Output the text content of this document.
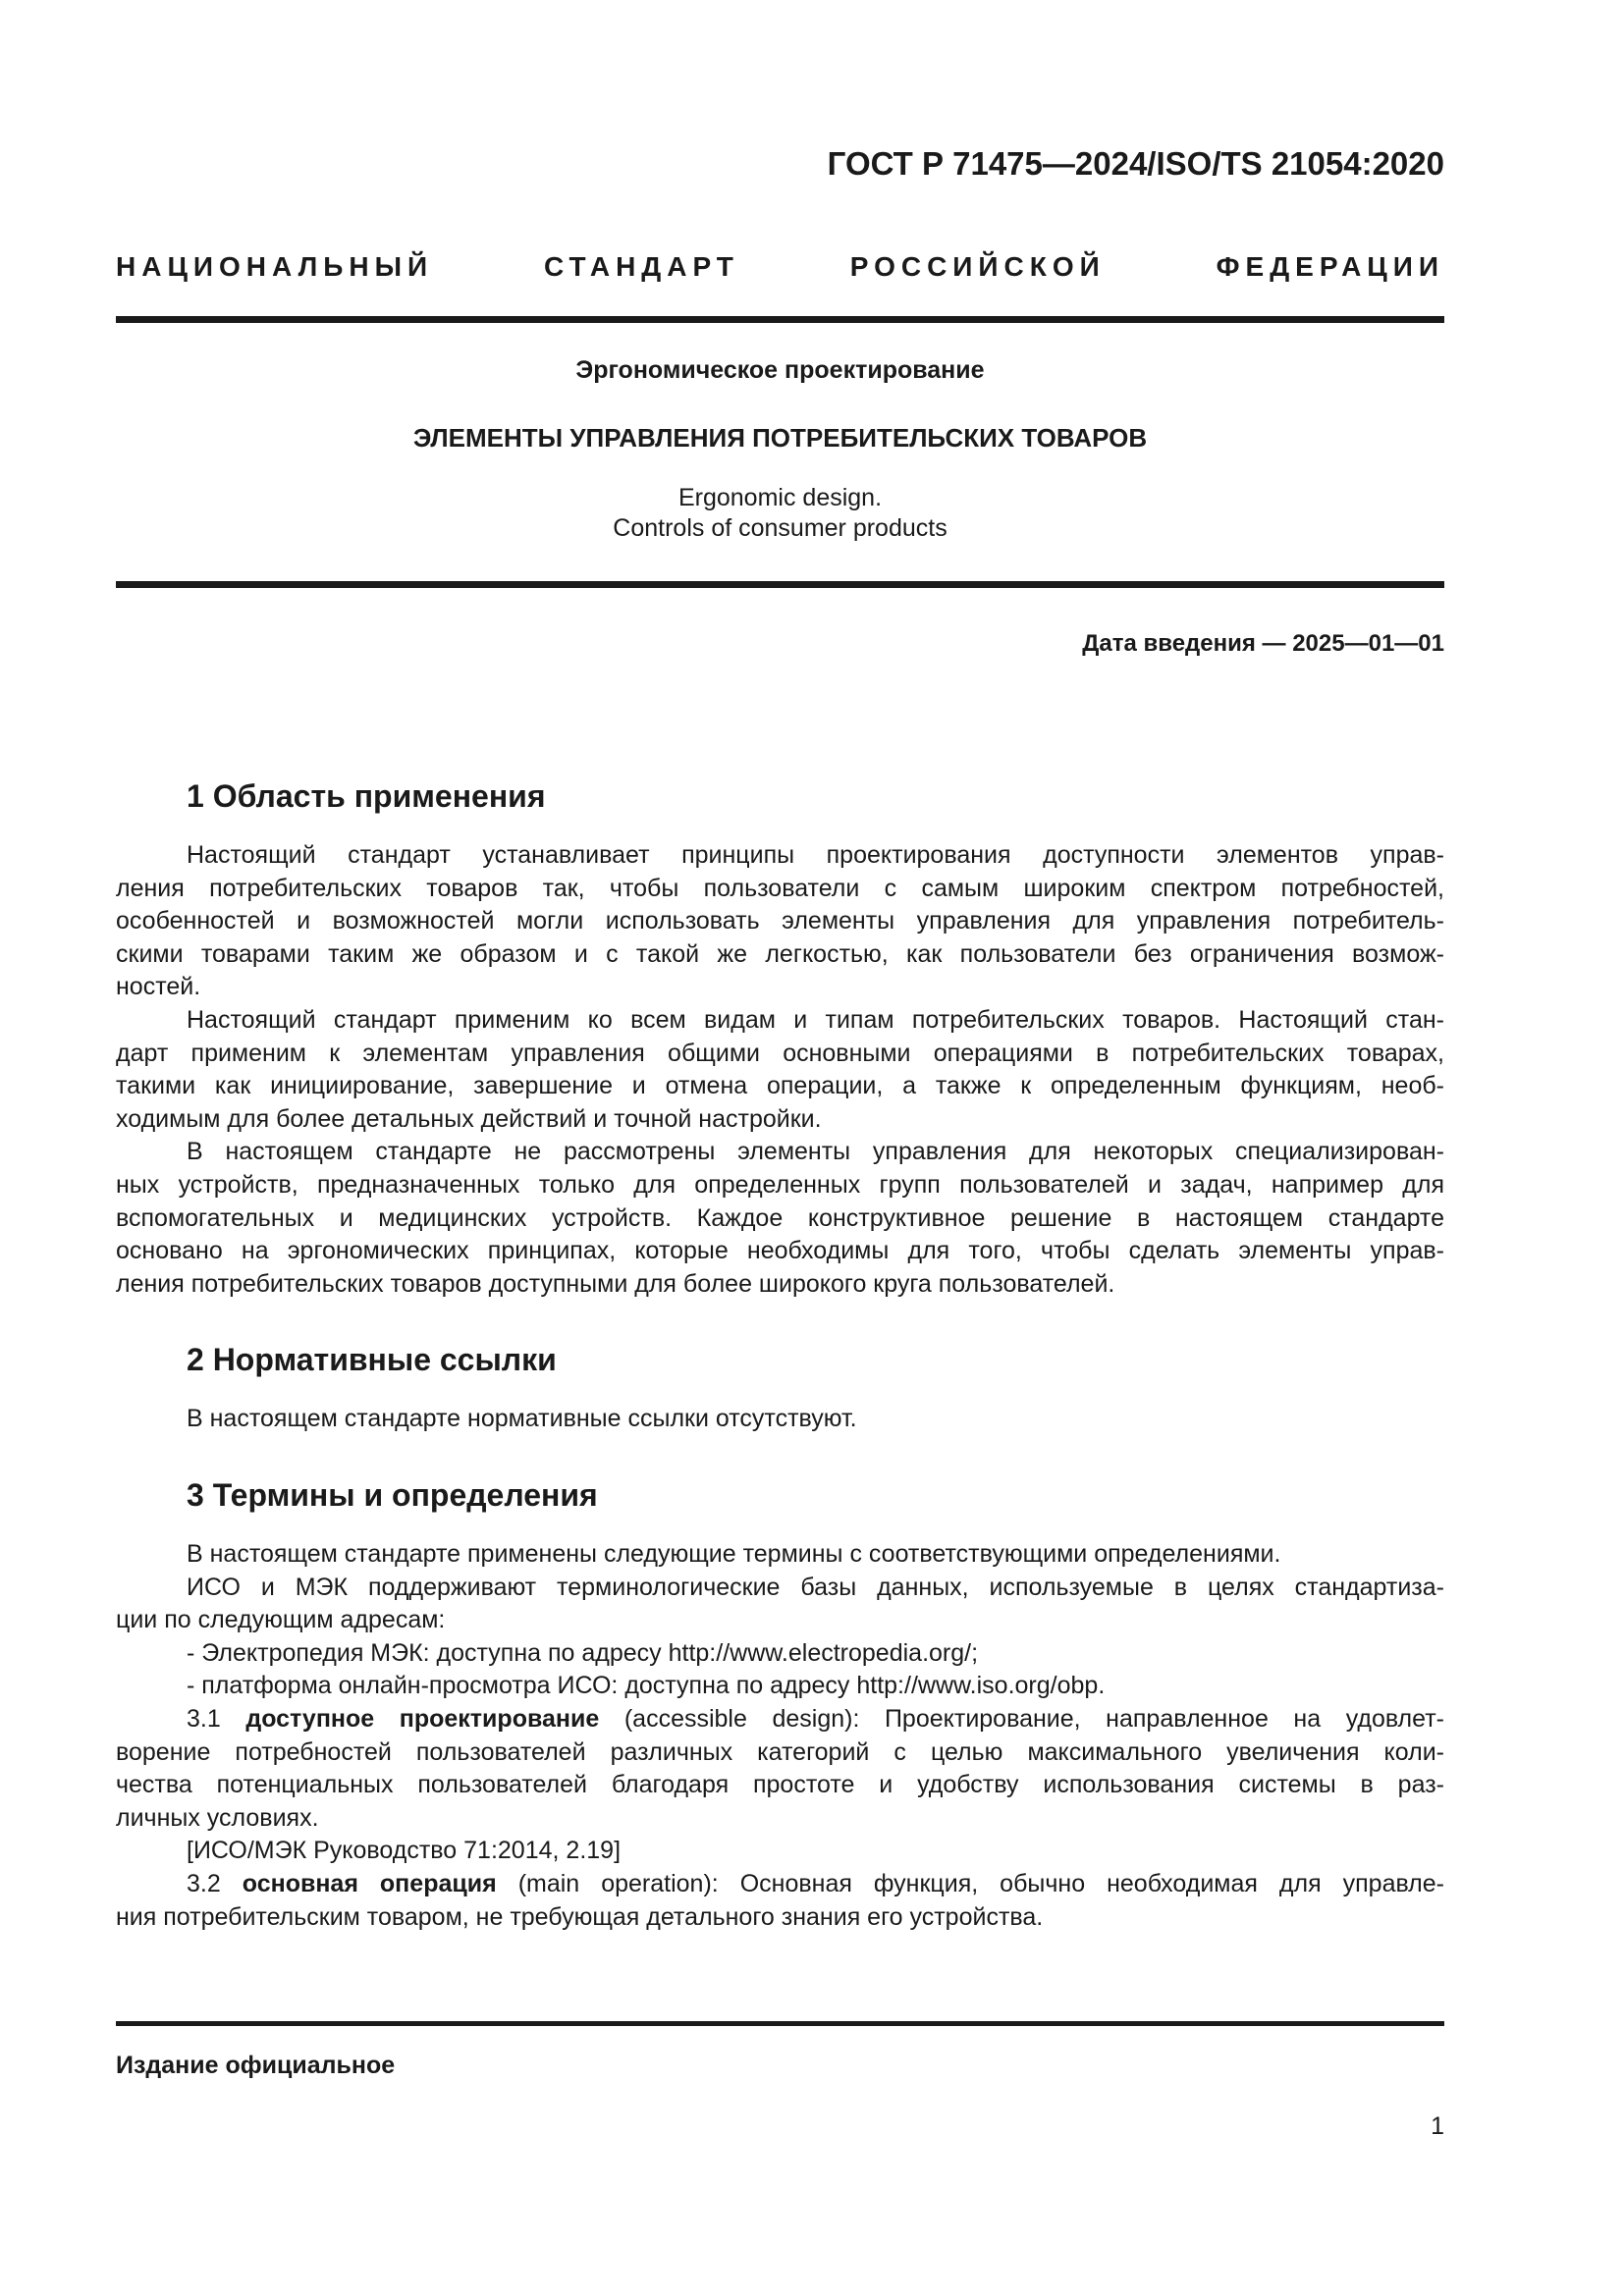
ГОСТ Р 71475—2024/ISO/TS 21054:2020
НАЦИОНАЛЬНЫЙ СТАНДАРТ РОССИЙСКОЙ ФЕДЕРАЦИИ
Эргономическое проектирование
ЭЛЕМЕНТЫ УПРАВЛЕНИЯ ПОТРЕБИТЕЛЬСКИХ ТОВАРОВ
Ergonomic design.
Controls of consumer products
Дата введения — 2025—01—01
1 Область применения
Настоящий стандарт устанавливает принципы проектирования доступности элементов управ-
ления потребительских товаров так, чтобы пользователи с самым широким спектром потребностей,
особенностей и возможностей могли использовать элементы управления для управления потребитель-
скими товарами таким же образом и с такой же легкостью, как пользователи без ограничения возмож-
ностей.
Настоящий стандарт применим ко всем видам и типам потребительских товаров. Настоящий стан-
дарт применим к элементам управления общими основными операциями в потребительских товарах,
такими как инициирование, завершение и отмена операции, а также к определенным функциям, необ-
ходимым для более детальных действий и точной настройки.
В настоящем стандарте не рассмотрены элементы управления для некоторых специализирован-
ных устройств, предназначенных только для определенных групп пользователей и задач, например для
вспомогательных и медицинских устройств. Каждое конструктивное решение в настоящем стандарте
основано на эргономических принципах, которые необходимы для того, чтобы сделать элементы управ-
ления потребительских товаров доступными для более широкого круга пользователей.
2 Нормативные ссылки
В настоящем стандарте нормативные ссылки отсутствуют.
3 Термины и определения
В настоящем стандарте применены следующие термины с соответствующими определениями.
ИСО и МЭК поддерживают терминологические базы данных, используемые в целях стандартиза-
ции по следующим адресам:
- Электропедия МЭК: доступна по адресу http://www.electropedia.org/;
- платформа онлайн-просмотра ИСО: доступна по адресу http://www.iso.org/obp.
3.1 доступное проектирование (accessible design): Проектирование, направленное на удовлет-
ворение потребностей пользователей различных категорий с целью максимального увеличения коли-
чества потенциальных пользователей благодаря простоте и удобству использования системы в раз-
личных условиях.
[ИСО/МЭК Руководство 71:2014, 2.19]
3.2 основная операция (main operation): Основная функция, обычно необходимая для управле-
ния потребительским товаром, не требующая детального знания его устройства.
Издание официальное
1
